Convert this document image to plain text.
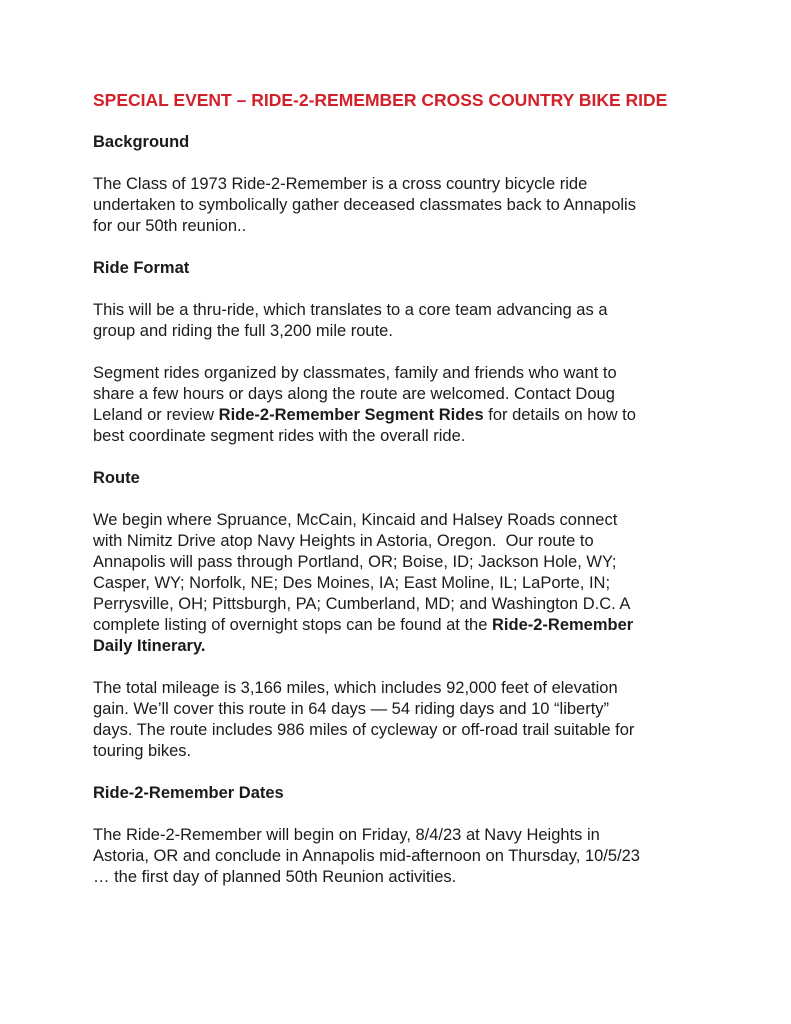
SPECIAL EVENT – RIDE-2-REMEMBER CROSS COUNTRY BIKE RIDE
Background
The Class of 1973 Ride-2-Remember is a cross country bicycle ride
undertaken to symbolically gather deceased classmates back to Annapolis
for our 50th reunion..
Ride Format
This will be a thru-ride, which translates to a core team advancing as a
group and riding the full 3,200 mile route.
Segment rides organized by classmates, family and friends who want to
share a few hours or days along the route are welcomed. Contact Doug
Leland or review Ride-2-Remember Segment Rides for details on how to
best coordinate segment rides with the overall ride.
Route
We begin where Spruance, McCain, Kincaid and Halsey Roads connect
with Nimitz Drive atop Navy Heights in Astoria, Oregon.  Our route to
Annapolis will pass through Portland, OR; Boise, ID; Jackson Hole, WY;
Casper, WY; Norfolk, NE; Des Moines, IA; East Moline, IL; LaPorte, IN;
Perrysville, OH; Pittsburgh, PA; Cumberland, MD; and Washington D.C. A
complete listing of overnight stops can be found at the Ride-2-Remember
Daily Itinerary.
The total mileage is 3,166 miles, which includes 92,000 feet of elevation
gain. We’ll cover this route in 64 days — 54 riding days and 10 “liberty”
days. The route includes 986 miles of cycleway or off-road trail suitable for
touring bikes.
Ride-2-Remember Dates
The Ride-2-Remember will begin on Friday, 8/4/23 at Navy Heights in
Astoria, OR and conclude in Annapolis mid-afternoon on Thursday, 10/5/23
… the first day of planned 50th Reunion activities.
